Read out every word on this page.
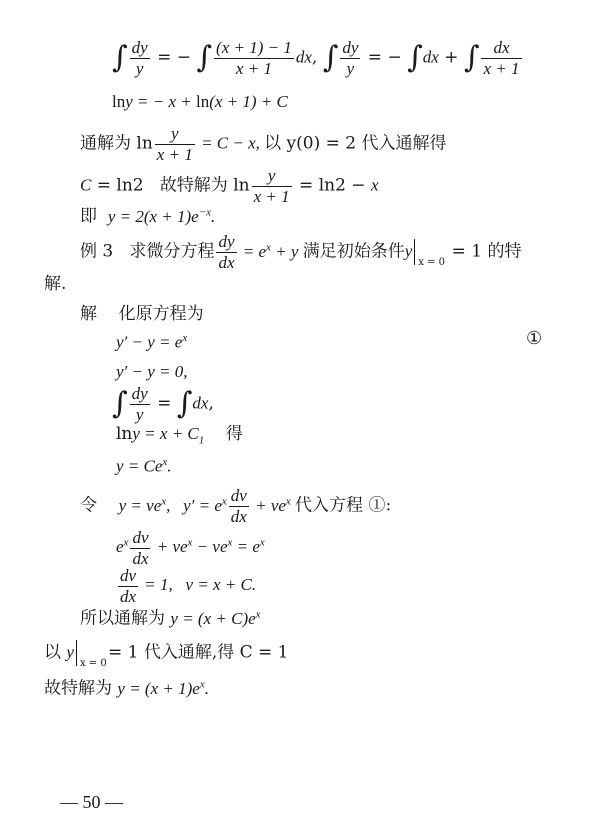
∫ $\frac{dy}{y}$ = − ∫ $\frac{(x + 1) - 1}{x + 1}$ dx, ∫ $\frac{dy}{y}$ = − ∫dx + ∫ $\frac{dx}{x + 1}$
lny = − x + ln(x + 1) + C
通解为 $\ln \frac{y}{x + 1} = C - x$, 以 y(0) = 2 代入通解得
C = ln2   故特解为 $\ln \frac{y}{x + 1} = \ln 2 - x$
即 $y = 2(x + 1)e^{-x}$.
例 3 求微分方程 $\frac{dy}{dx} = e^x + y$ 满足初始条件y
x = 0
= 1 的特
解.
解 化原方程为
$y' - y = e^x$	①
y′ − y = 0,
∫ $\frac{dy}{y} = \int dx$,
$\ln y = x + C_1$ 得
$y = Ce^x$.
令 $y = ve^x$,   $y' = e^x \frac{dv}{dx} + ve^x$ 代入方程 ①:
$e^x \frac{dv}{dx} + ve^x - ve^x = e^x$
$\frac{dv}{dx} = 1$,   v = x + C.
所以通解为 $y = (x + C)e^x$
以 y
x = 0
= 1 代入通解,得 C = 1
故特解为 $y = (x + 1)e^x$.
— 50 —
